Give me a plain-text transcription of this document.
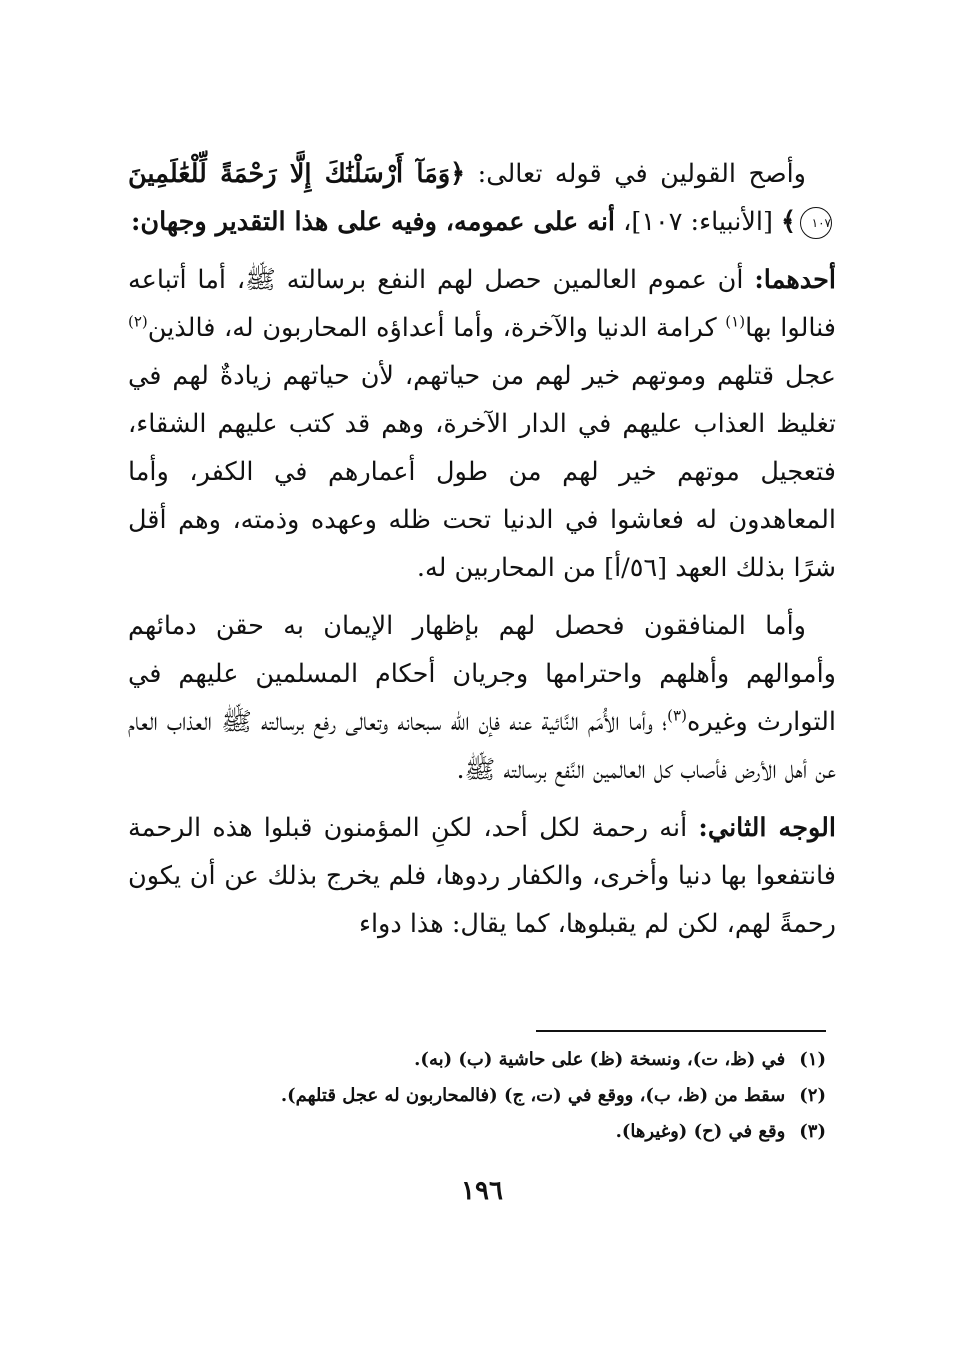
وأصح القولين في قوله تعالى: ﴿وَمَآ أَرْسَلْنَٰكَ إِلَّا رَحْمَةً لِّلْعَٰلَمِينَ ١٠٧﴾ [الأنبياء: ١٠٧]، أنه على عمومه، وفيه على هذا التقدير وجهان:

أحدهما: أن عموم العالمين حصل لهم النفع برسالته ﷺ، أما أتباعه فنالوا بها$^{(١)}$ كرامة الدنيا والآخرة، وأما أعداؤه المحاربون له، فالذين$^{(٢)}$ عجل قتلهم وموتهم خير لهم من حياتهم، لأن حياتهم زيادةٌ لهم في تغليظ العذاب عليهم في الدار الآخرة، وهم قد كتب عليهم الشقاء، فتعجيل موتهم خير لهم من طول أعمارهم في الكفر، وأما المعاهدون له فعاشوا في الدنيا تحت ظله وعهده وذمته، وهم أقل شرًا بذلك العهد [٥٦/أ] من المحاربين له.

وأما المنافقون فحصل لهم بإظهار الإيمان به حقن دمائهم وأموالهم وأهلهم واحترامها وجريان أحكام المسلمين عليهم في التوارث وغيره$^{(٣)}$؛ وأما الأُمَم النَّائية عنه فإن الله سبحانه وتعالى رفع برسالته ﷺ العذاب العام عن أهل الأرض فأصاب كل العالمين النَّفع برسالته ﷺ.

الوجه الثاني: أنه رحمة لكل أحد، لكنِ المؤمنون قبلوا هذه الرحمة فانتفعوا بها دنيا وأخرى، والكفار ردوها، فلم يخرج بذلك عن أن يكون رحمةً لهم، لكن لم يقبلوها، كما يقال: هذا دواء

(١)في (ظ، ت)، ونسخة (ظ) على حاشية (ب) (به).

(٢)سقط من (ظ، ب)، ووقع في (ت، ج) (فالمحاربون له عجل قتلهم).

(٣)وقع في (ح) (وغيرها).

١٩٦
